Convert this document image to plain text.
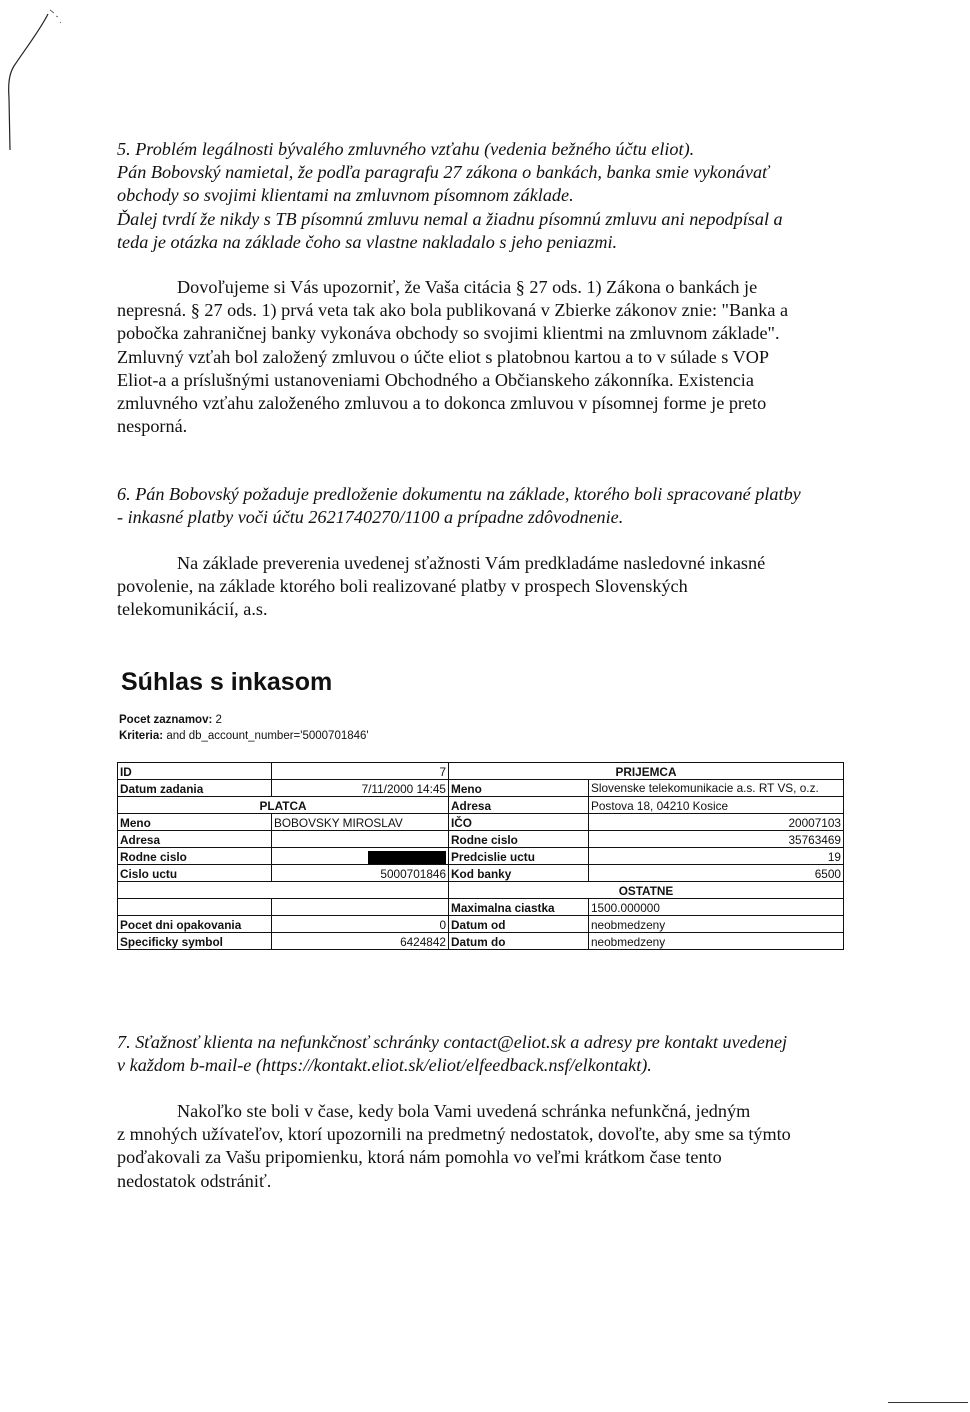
5. Problém legálnosti bývalého zmluvného vzťahu (vedenia bežného účtu eliot).
Pán Bobovský namietal, že podľa paragrafu 27 zákona o bankách, banka smie vykonávať
obchody so svojimi klientami na zmluvnom písomnom základe.
Ďalej tvrdí že nikdy s TB písomnú zmluvu nemal a žiadnu písomnú zmluvu ani nepodpísal a
teda je otázka na základe čoho sa vlastne nakladalo s jeho peniazmi.
Dovoľujeme si Vás upozorniť, že Vaša citácia § 27 ods. 1) Zákona o bankách je
nepresná. § 27 ods. 1) prvá veta tak ako bola publikovaná v Zbierke zákonov znie: "Banka a
pobočka zahraničnej banky vykonáva obchody so svojimi klientmi na zmluvnom základe".
Zmluvný vzťah bol založený zmluvou o účte eliot s platobnou kartou a to v súlade s VOP
Eliot-a a príslušnými ustanoveniami Obchodného a Občianskeho zákonníka. Existencia
zmluvného vzťahu založeného zmluvou a to dokonca zmluvou v písomnej forme je preto
nesporná.
6. Pán Bobovský požaduje predloženie dokumentu na základe, ktorého boli spracované platby
- inkasné platby voči účtu 2621740270/1100 a prípadne zdôvodnenie.
Na základe preverenia uvedenej sťažnosti Vám predkladáme nasledovné inkasné
povolenie, na základe ktorého boli realizované platby v prospech Slovenských
telekomunikácií, a.s.
Súhlas s inkasom
Pocet zaznamov: 2
Kriteria: and db_account_number='5000701846'
ID	7	PRIJEMCA	
Datum zadania	7/11/2000 14:45	Meno	Slovenske telekomunikacie a.s. RT VS, o.z.
PLATCA		Adresa	Postova 18, 04210 Kosice
Meno	BOBOVSKY MIROSLAV	IČO	20007103
Adresa		Rodne cislo	35763469
Rodne cislo		Predcislie uctu	19
Cislo uctu	5000701846	Kod banky	6500
		OSTATNE	
		Maximalna ciastka	1500.000000
Pocet dni opakovania	0	Datum od	neobmedzeny
Specificky symbol	6424842	Datum do	neobmedzeny
7. Sťažnosť klienta na nefunkčnosť schránky contact@eliot.sk a adresy pre kontakt uvedenej
v každom b-mail-e (https://kontakt.eliot.sk/eliot/elfeedback.nsf/elkontakt).
Nakoľko ste boli v čase, kedy bola Vami uvedená schránka nefunkčná, jedným
z mnohých užívateľov, ktorí upozornili na predmetný nedostatok, dovoľte, aby sme sa týmto
poďakovali za Vašu pripomienku, ktorá nám pomohla vo veľmi krátkom čase tento
nedostatok odstrániť.
